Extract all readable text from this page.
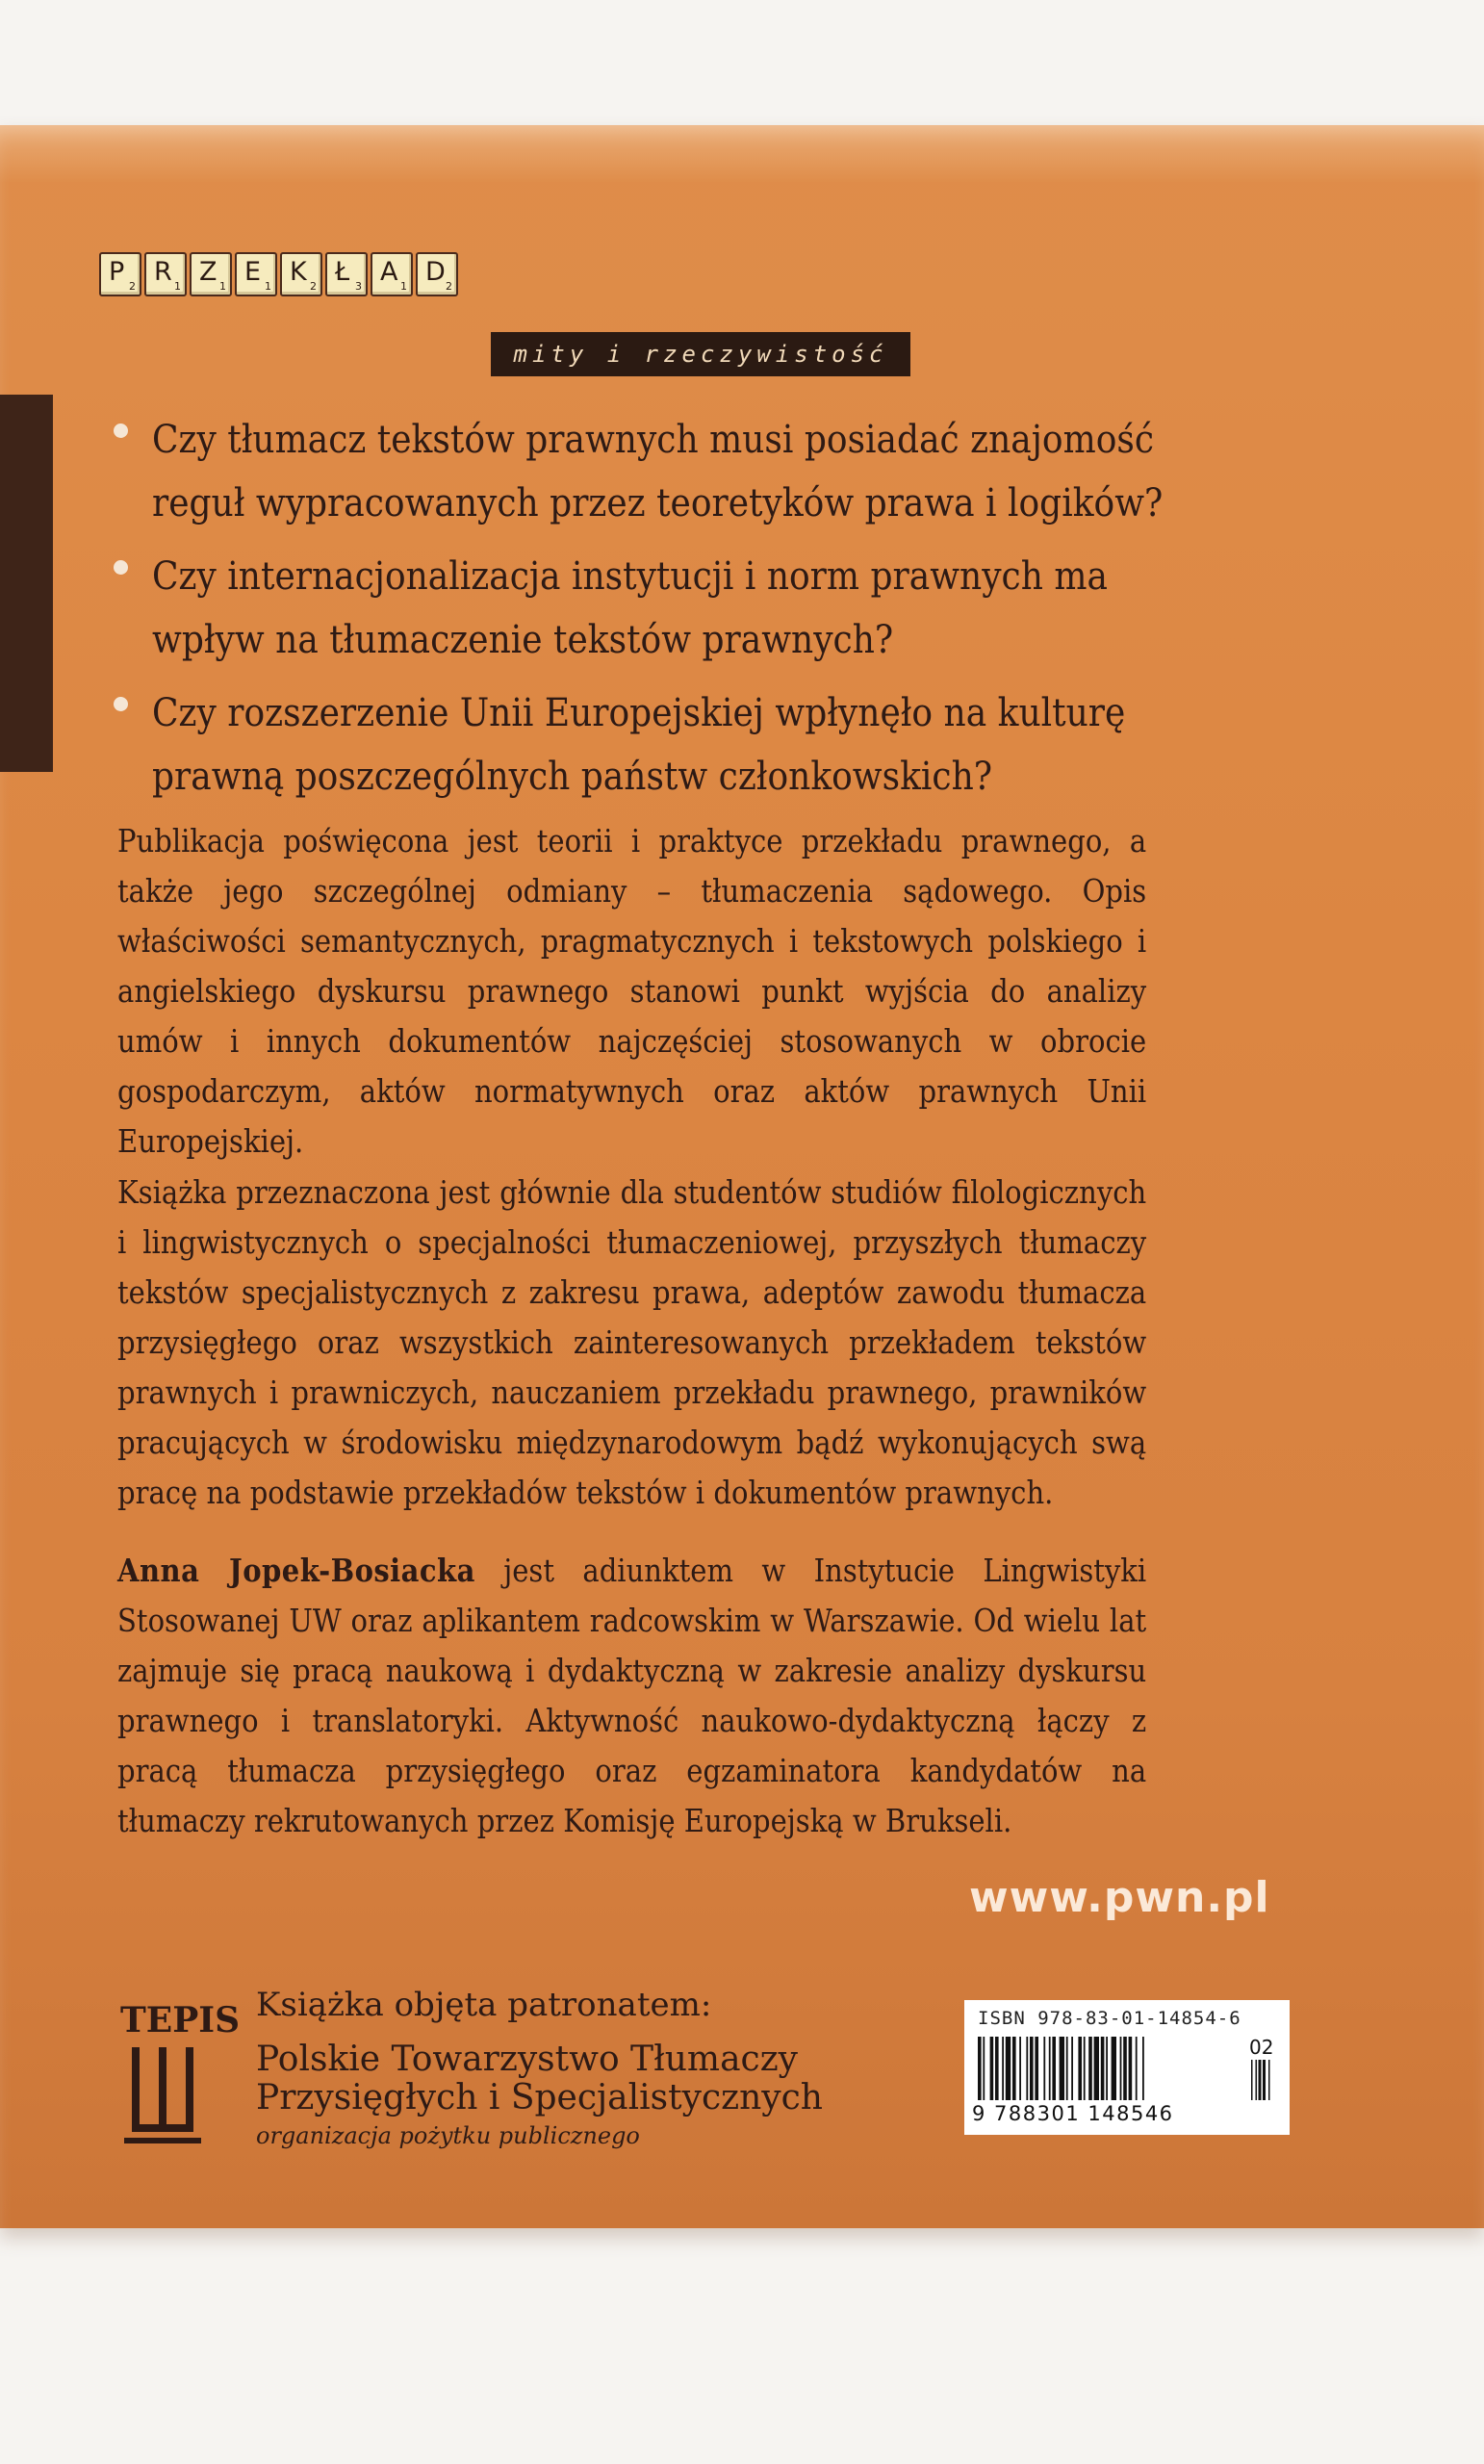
P 2 R 1 Z 1 E 1 K 2 Ł 3 A 1 D 2
mity i rzeczywistość
Czy tłumacz tekstów prawnych musi posiadać znajomość reguł wypracowanych przez teoretyków prawa i logików?
Czy internacjonalizacja instytucji i norm prawnych ma wpływ na tłumaczenie tekstów prawnych?
Czy rozszerzenie Unii Europejskiej wpłynęło na kulturę prawną poszczególnych państw członkowskich?
Publikacja poświęcona jest teorii i praktyce przekładu prawnego, a także jego szczególnej odmiany – tłumaczenia sądowego. Opis właściwości semantycznych, pragmatycznych i tekstowych polskiego i angielskiego dyskursu prawnego stanowi punkt wyjścia do analizy umów i innych dokumentów najczęściej stosowanych w obrocie gospodarczym, aktów normatywnych oraz aktów prawnych Unii Europejskiej.
Książka przeznaczona jest głównie dla studentów studiów filologicznych i lingwistycznych o specjalności tłumaczeniowej, przyszłych tłumaczy tekstów specjalistycznych z zakresu prawa, adeptów zawodu tłumacza przysięgłego oraz wszystkich zainteresowanych przekładem tekstów prawnych i prawniczych, nauczaniem przekładu prawnego, prawników pracujących w środowisku międzynarodowym bądź wykonujących swą pracę na podstawie przekładów tekstów i dokumentów prawnych.
Anna Jopek-Bosiacka jest adiunktem w Instytucie Lingwistyki Stosowanej UW oraz aplikantem radcowskim w Warszawie. Od wielu lat zajmuje się pracą naukową i dydaktyczną w zakresie analizy dyskursu prawnego i translatoryki. Aktywność naukowo-dydaktyczną łączy z pracą tłumacza przysięgłego oraz egzaminatora kandydatów na tłumaczy rekrutowanych przez Komisję Europejską w Brukseli.
www.pwn.pl
TEPIS Książka objęta patronatem:
Polskie Towarzystwo Tłumaczy
Przysięgłych i Specjalistycznych
organizacja pożytku publicznego
ISBN 978-83-01-14854-6
02
9 788301 148546
